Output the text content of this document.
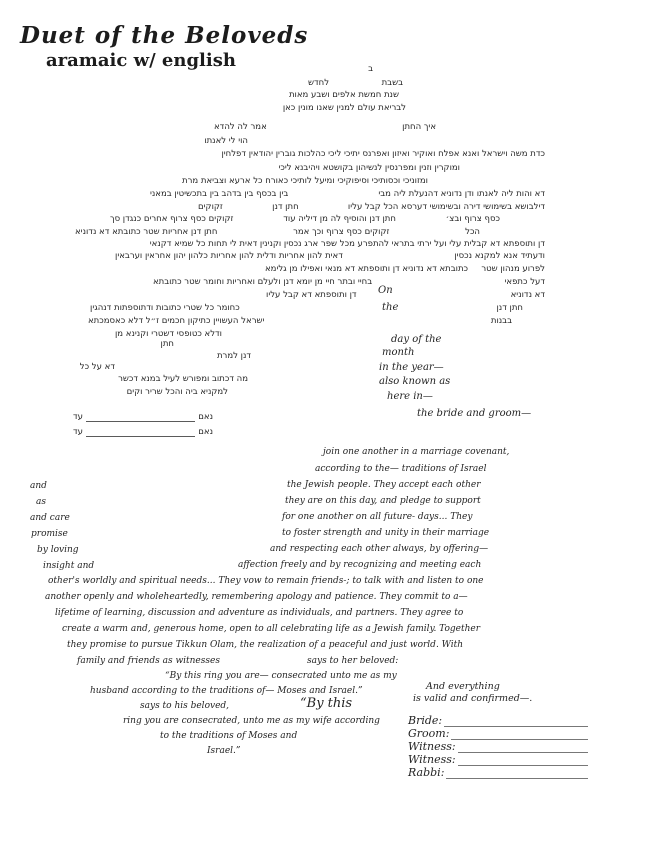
Duet of the Beloveds
aramaic w/ english	ב
בשבת
לחדש
שנת חמשת אלפים ושבע מאות
לבריאת עולם למנין שאנו מונין כאן
איך החתן
אמר לה להדא
הוי לי לאנתו
כדת משה וישראל ואנא אפלח ואוקיר ואיזון ואפרנס יתיכי ליכי כהלכות גוברין יהודאין דפלחין
ומוקרין וזנין ומפרנסין לנשיהון בקושטא ויהיבנא ליכי
ומזוניכי וכסותיכי וסיפוקיכי ומיעל לותיכי כאורח כל ארעא וצביאת מרת
דא והות ליה לאנתו ודן נדוניא דהנעלת ליה מבי
בין בכסף בין בדהב בין בתכשיטין במאני
דילבושא בשימושי דירה ובשימושי דערסא הכל קבל עליו
חתן דנן
זקוקים
כסף צרוף ובצ׳
חתן דנן והוסיף לה מן דיליה עוד
זקוקים כסף צרוף אחרים כנגדן סך
הכל
זקוקים כסף צרוף וכך אמר
חתן דנן אחריות שטר כתובתא דא נדוניא
דן ותוספתא דא קבלית עלי ועל ירתי בתראי להתפרע מכל שפר ארג נכסין וקנינין דאית לי תחות כל שמיא דקנאי
ודעתיד אנא למקנא נכסין
דאית להון אחריות ודלית להון אחריות כלהון יהון אחראין וערבאין
לפרוע מנהון שטר
כתובתא דא נדוניא דן ותוספתא דא מנאי ואפילו מן גלימא
דעל כתפאי
בחיי ובתר חיי מן יומא דנן ולעלם ואחריות וחומר שטר כתובתא
דא נדוניא
דן ותוספתא דא קבל עליו
חתן דנן
כחומר כל שטרי כתובות ודתוספתות דנהגין
בבנות
ישראל העשויין כתיקון חכמים ז״ל דלא כאסמכתא
ודלא כטופסי דשטרי וקנינא מן
חתן
דנן למרת
דא על כל
מה דכתוב ומפורש לעיל במנא דכשר
למקניא ביה והכל שריר וקים
נאם
עד
נאם
עד
On
the
day of the
month
in the year—
also known as
here in—
the bride and groom—
and
as
and care
promise
by loving
insight and
join one another in a marriage covenant,
according to the— traditions of Israel
the Jewish people. They accept each other
they are on this day, and pledge to support
for one another on all future- days... They
to foster strength and unity in their marriage
and respecting each other always, by offering—
affection freely and by recognizing and meeting each
other's worldly and spiritual needs... They vow to remain friends-; to talk with and listen to one
another openly and wholeheartedly, remembering apology and patience. They commit to a—
lifetime of learning, discussion and adventure as individuals, and partners. They agree to
create a warm and, generous home, open to all celebrating life as a Jewish family. Together
they promise to pursue Tikkun Olam, the realization of a peaceful and just world. With
family and friends as witnesses	says to her beloved:
“By this ring you are— consecrated unto me as my
husband according to the traditions of— Moses and Israel.”
says to his beloved,	“By this
ring you are consecrated, unto me as my wife according
to the traditions of Moses and
Israel.”
And everything
is valid and confirmed—.
Bride:
Groom:
Witness:
Witness:
Rabbi:
